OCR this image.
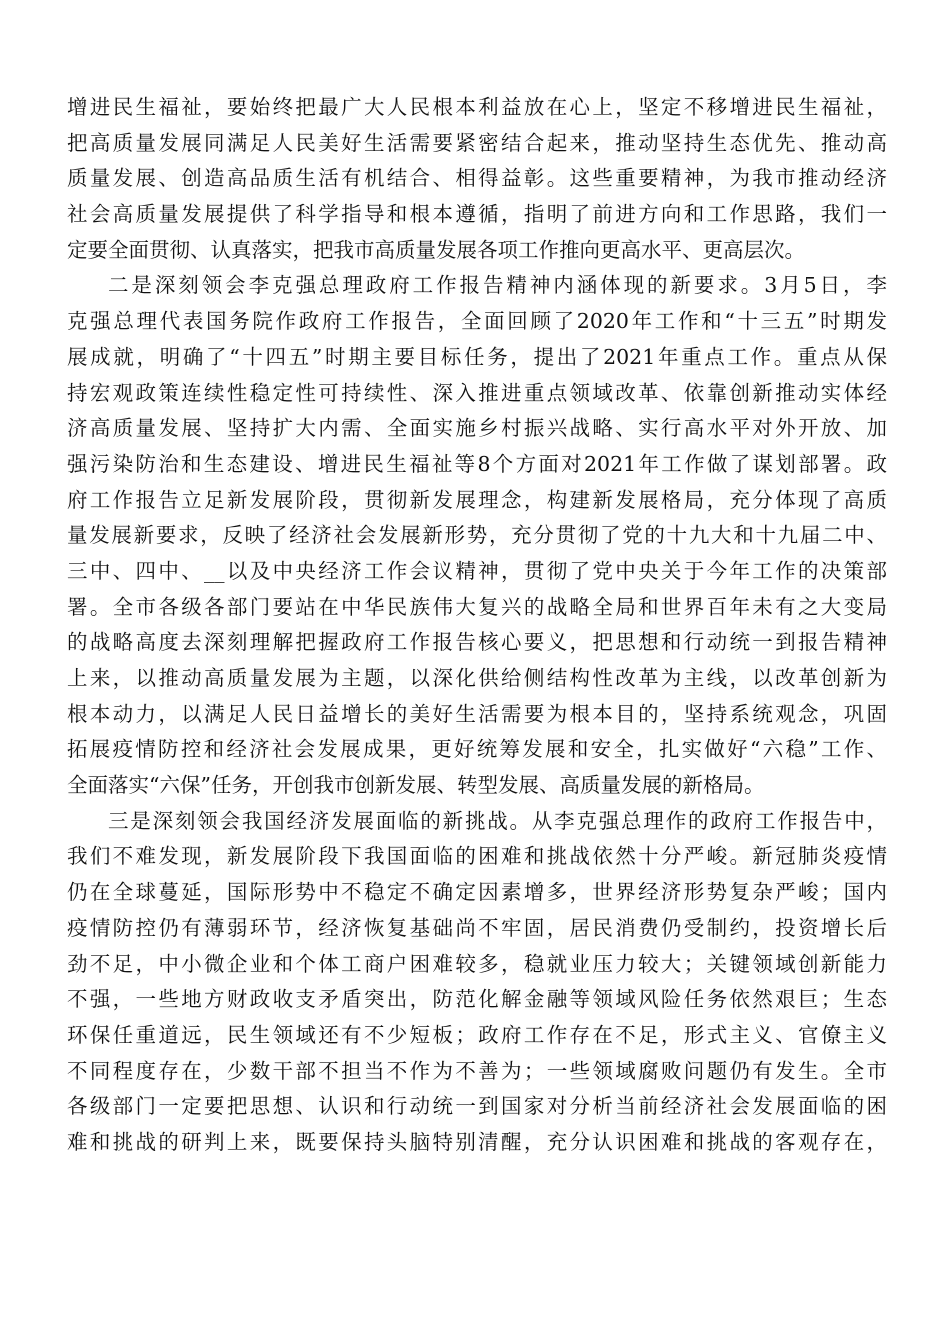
增进民生福祉，要始终把最广大人民根本利益放在心上，坚定不移增进民生福祉，
把高质量发展同满足人民美好生活需要紧密结合起来，推动坚持生态优先、推动高
质量发展、创造高品质生活有机结合、相得益彰。这些重要精神，为我市推动经济
社会高质量发展提供了科学指导和根本遵循，指明了前进方向和工作思路，我们一
定要全面贯彻、认真落实，把我市高质量发展各项工作推向更高水平、更高层次。
二是深刻领会李克强总理政府工作报告精神内涵体现的新要求。3月5日，李
克强总理代表国务院作政府工作报告，全面回顾了2020年工作和“十三五”时期发
展成就，明确了“十四五”时期主要目标任务，提出了2021年重点工作。重点从保
持宏观政策连续性稳定性可持续性、深入推进重点领域改革、依靠创新推动实体经
济高质量发展、坚持扩大内需、全面实施乡村振兴战略、实行高水平对外开放、加
强污染防治和生态建设、增进民生福祉等8个方面对2021年工作做了谋划部署。政
府工作报告立足新发展阶段，贯彻新发展理念，构建新发展格局，充分体现了高质
量发展新要求，反映了经济社会发展新形势，充分贯彻了党的十九大和十九届二中、
三中、四中、__以及中央经济工作会议精神，贯彻了党中央关于今年工作的决策部
署。全市各级各部门要站在中华民族伟大复兴的战略全局和世界百年未有之大变局
的战略高度去深刻理解把握政府工作报告核心要义，把思想和行动统一到报告精神
上来，以推动高质量发展为主题，以深化供给侧结构性改革为主线，以改革创新为
根本动力，以满足人民日益增长的美好生活需要为根本目的，坚持系统观念，巩固
拓展疫情防控和经济社会发展成果，更好统筹发展和安全，扎实做好“六稳”工作、
全面落实“六保”任务，开创我市创新发展、转型发展、高质量发展的新格局。
三是深刻领会我国经济发展面临的新挑战。从李克强总理作的政府工作报告中，
我们不难发现，新发展阶段下我国面临的困难和挑战依然十分严峻。新冠肺炎疫情
仍在全球蔓延，国际形势中不稳定不确定因素增多，世界经济形势复杂严峻；国内
疫情防控仍有薄弱环节，经济恢复基础尚不牢固，居民消费仍受制约，投资增长后
劲不足，中小微企业和个体工商户困难较多，稳就业压力较大；关键领域创新能力
不强，一些地方财政收支矛盾突出，防范化解金融等领域风险任务依然艰巨；生态
环保任重道远，民生领域还有不少短板；政府工作存在不足，形式主义、官僚主义
不同程度存在，少数干部不担当不作为不善为；一些领域腐败问题仍有发生。全市
各级部门一定要把思想、认识和行动统一到国家对分析当前经济社会发展面临的困
难和挑战的研判上来，既要保持头脑特别清醒，充分认识困难和挑战的客观存在，
